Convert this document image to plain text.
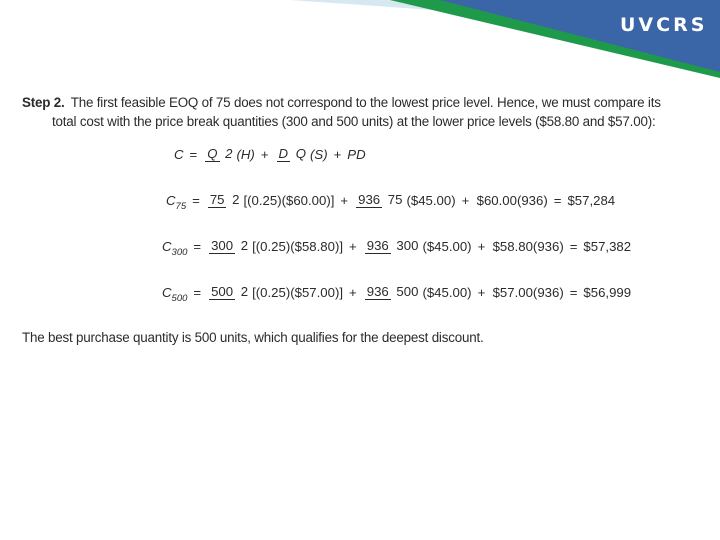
UVCRS
Step 2. The first feasible EOQ of 75 does not correspond to the lowest price level. Hence, we must compare its
total cost with the price break quantities (300 and 500 units) at the lower price levels ($58.80 and $57.00):
C = Q 2 (H) + D Q (S) + PD
C75 = 75 2 [(0.25)($60.00)] + 936 75 ($45.00) +  $60.00(936) = $57,284
C300 = 300 2 [(0.25)($58.80)] + 936 300 ($45.00) +  $58.80(936) = $57,382
C500 = 500 2 [(0.25)($57.00)] + 936 500 ($45.00) +  $57.00(936) = $56,999
The best purchase quantity is 500 units, which qualifies for the deepest discount.
